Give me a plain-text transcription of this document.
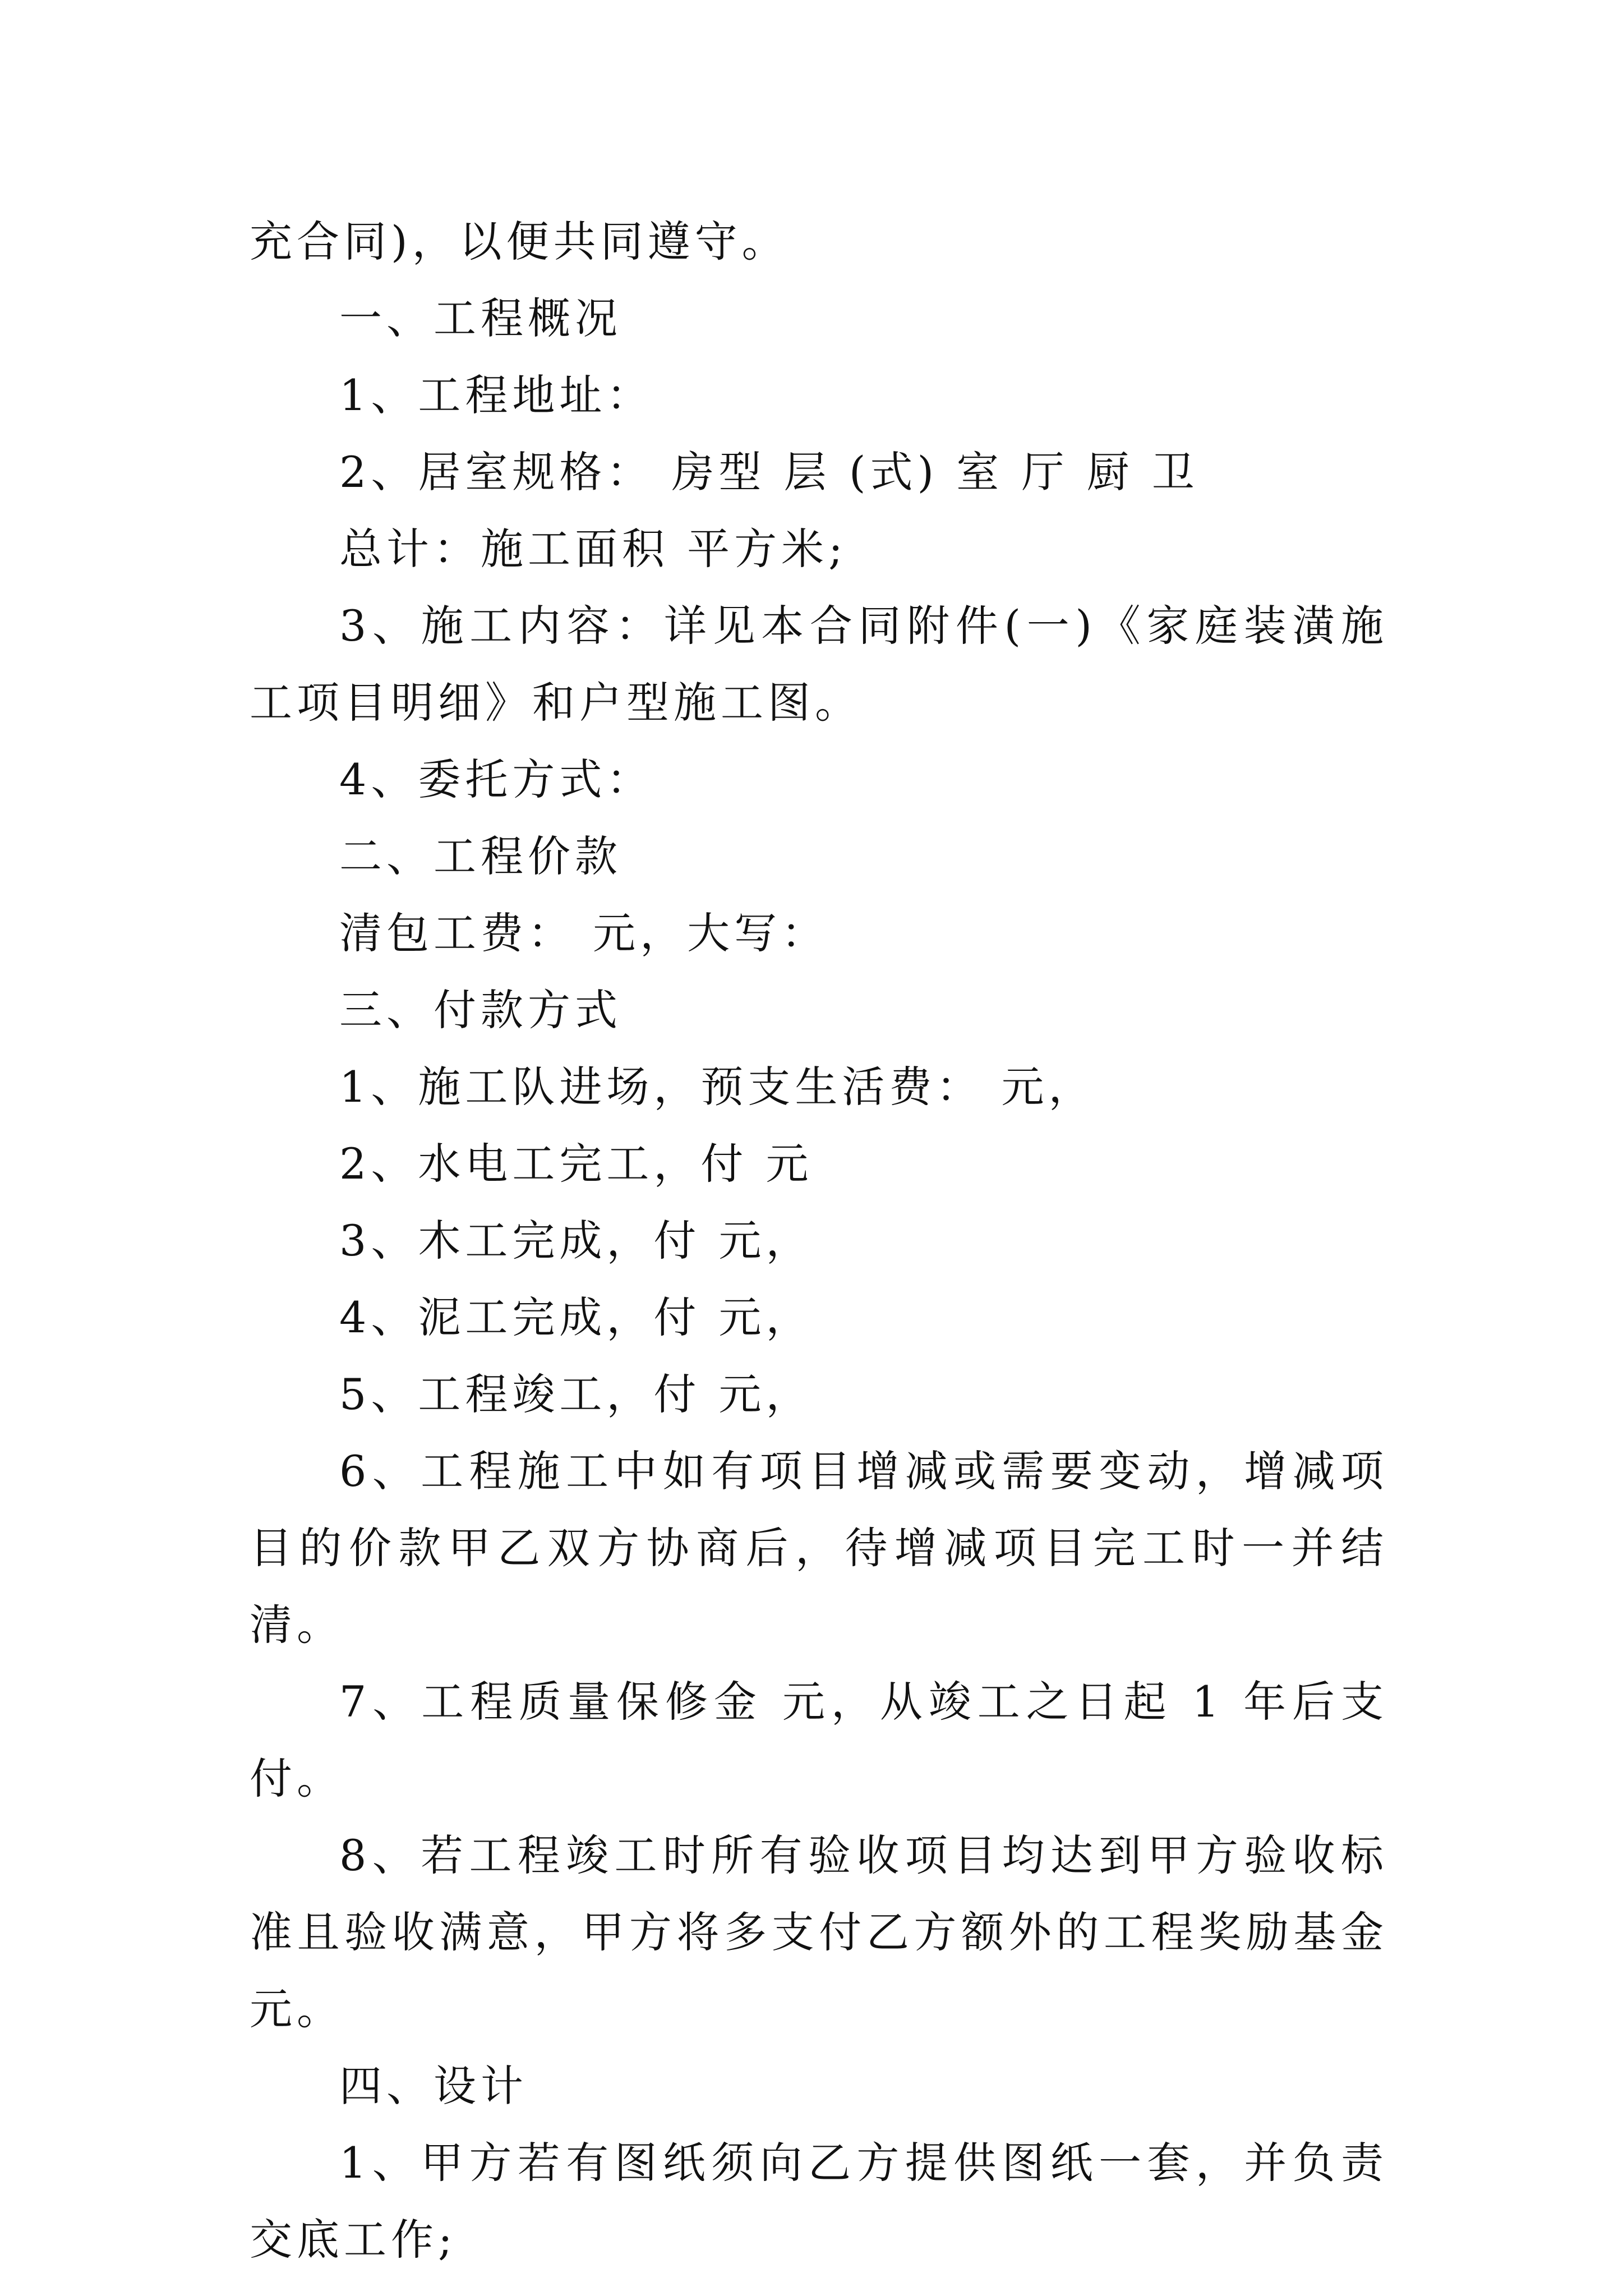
充合同)，以便共同遵守。

一、工程概况

1、工程地址：

2、居室规格： 房型 层 (式) 室 厅 厨 卫

总计：施工面积 平方米;

3、施工内容：详见本合同附件(一)《家庭装潢施工项目明细》和户型施工图。

4、委托方式：

二、工程价款

清包工费： 元，大写：

三、付款方式

1、施工队进场，预支生活费： 元，

2、水电工完工，付 元

3、木工完成，付 元，

4、泥工完成，付 元，

5、工程竣工，付 元，

6、工程施工中如有项目增减或需要变动，增减项目的价款甲乙双方协商后，待增减项目完工时一并结清。

7、工程质量保修金 元，从竣工之日起 1 年后支付。

8、若工程竣工时所有验收项目均达到甲方验收标准且验收满意，甲方将多支付乙方额外的工程奖励基金元。

四、设计

1、甲方若有图纸须向乙方提供图纸一套，并负责交底工作;
